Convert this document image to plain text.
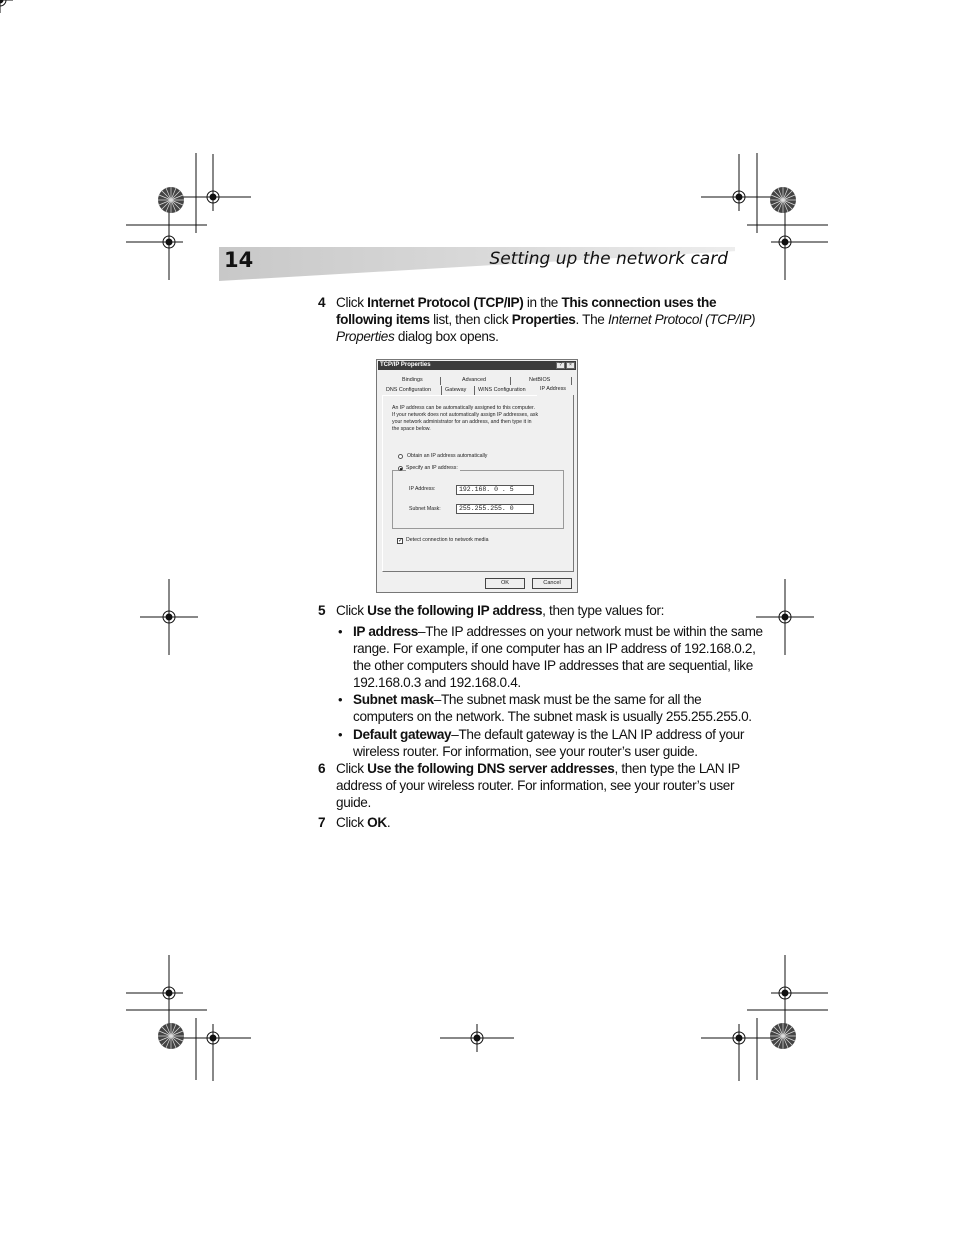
14	Setting up the network card
4 Click Internet Protocol (TCP/IP) in the This connection uses the
following items list, then click Properties. The Internet Protocol (TCP/IP)
Properties dialog box opens.
TCP/IP Properties	?	×
Bindings	Advanced	NetBIOS
DNS Configuration	Gateway WINS Configuration	IP Address
An IP address can be automatically assigned to this computer.
If your network does not automatically assign IP addresses, ask
your network administrator for an address, and then type it in
the space below.
Obtain an IP address automatically
Specify an IP address:
IP Address:	192.168. 0 . 5
Subnet Mask:	255.255.255. 0
✓ Detect connection to network media
OK	Cancel
5 Click Use the following IP address, then type values for:
• IP address–The IP addresses on your network must be within the same
range. For example, if one computer has an IP address of 192.168.0.2,
the other computers should have IP addresses that are sequential, like
192.168.0.3 and 192.168.0.4.
• Subnet mask–The subnet mask must be the same for all the
computers on the network. The subnet mask is usually 255.255.255.0.
• Default gateway–The default gateway is the LAN IP address of your
wireless router. For information, see your router’s user guide.
6 Click Use the following DNS server addresses, then type the LAN IP
address of your wireless router. For information, see your router’s user
guide.
7 Click OK.
